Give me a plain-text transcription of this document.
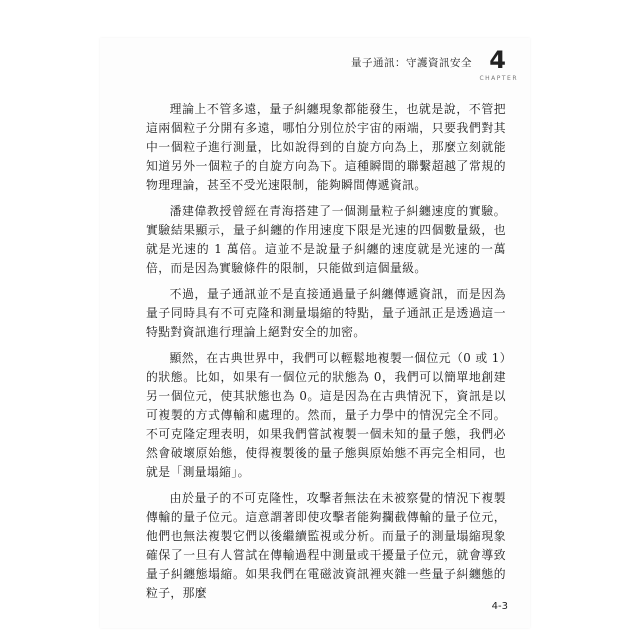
量子通訊：守護資訊安全 4
CHAPTER

理論上不管多遠，量子糾纏現象都能發生，也就是說，不管把這兩個粒子分開有多遠，哪怕分別位於宇宙的兩端，只要我們對其中一個粒子進行測量，比如說得到的自旋方向為上，那麼立刻就能知道另外一個粒子的自旋方向為下。這種瞬間的聯繫超越了常規的物理理論，甚至不受光速限制，能夠瞬間傳遞資訊。

潘建偉教授曾經在青海搭建了一個測量粒子糾纏速度的實驗。實驗結果顯示，量子糾纏的作用速度下限是光速的四個數量級，也就是光速的 1 萬倍。這並不是說量子糾纏的速度就是光速的一萬倍，而是因為實驗條件的限制，只能做到這個量級。

不過，量子通訊並不是直接通過量子糾纏傳遞資訊，而是因為量子同時具有不可克隆和測量塌縮的特點，量子通訊正是透過這一特點對資訊進行理論上絕對安全的加密。

顯然，在古典世界中，我們可以輕鬆地複製一個位元（0 或 1）的狀態。比如，如果有一個位元的狀態為 0，我們可以簡單地創建另一個位元，使其狀態也為 0。這是因為在古典情況下，資訊是以可複製的方式傳輸和處理的。然而，量子力學中的情況完全不同。不可克隆定理表明，如果我們嘗試複製一個未知的量子態，我們必然會破壞原始態，使得複製後的量子態與原始態不再完全相同，也就是「測量塌縮」。

由於量子的不可克隆性，攻擊者無法在未被察覺的情況下複製傳輸的量子位元。這意謂著即使攻擊者能夠攔截傳輸的量子位元，他們也無法複製它們以後繼續監視或分析。而量子的測量塌縮現象確保了一旦有人嘗試在傳輸過程中測量或干擾量子位元，就會導致量子糾纏態塌縮。如果我們在電磁波資訊裡夾雜一些量子糾纏態的粒子，那麼

4-3
